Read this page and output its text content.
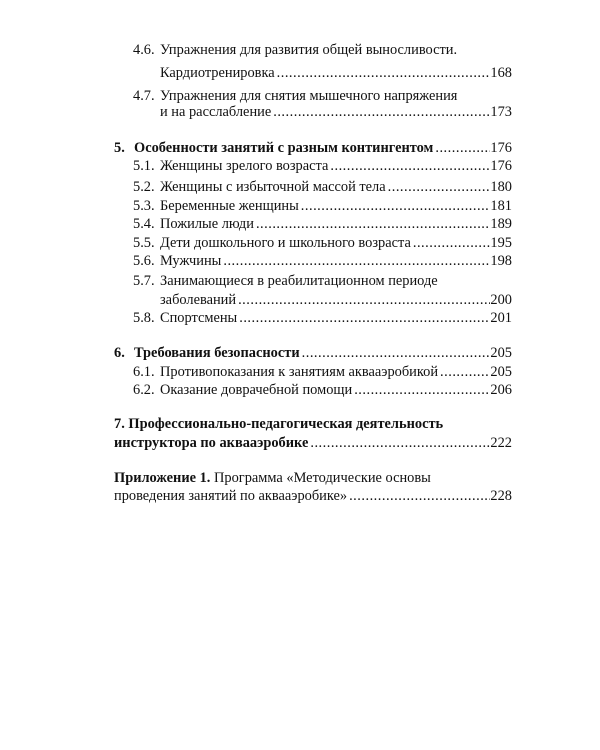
4.6. Упражнения для развития общей выносливости.
Кардиотренировка .....	168
4.7. Упражнения для снятия мышечного напряжения
и на расслабление .....	173
5. Особенности занятий с разным контингентом .....	176
5.1. Женщины зрелого возраста .....	176
5.2. Женщины с избыточной массой тела .....	180
5.3. Беременные женщины .....	181
5.4. Пожилые люди .....	189
5.5. Дети дошкольного и школьного возраста .....	195
5.6. Мужчины .....	198
5.7. Занимающиеся в реабилитационном периоде
заболеваний .....	200
5.8. Спортсмены .....	201
6. Требования безопасности .....	205
6.1. Противопоказания к занятиям аквааэробикой .....	205
6.2. Оказание доврачебной помощи .....	206
7. Профессионально-педагогическая деятельность
инструктора по аквааэробике .....	222
Приложение 1. Программа «Методические основы
проведения занятий по аквааэробике» .....	228
